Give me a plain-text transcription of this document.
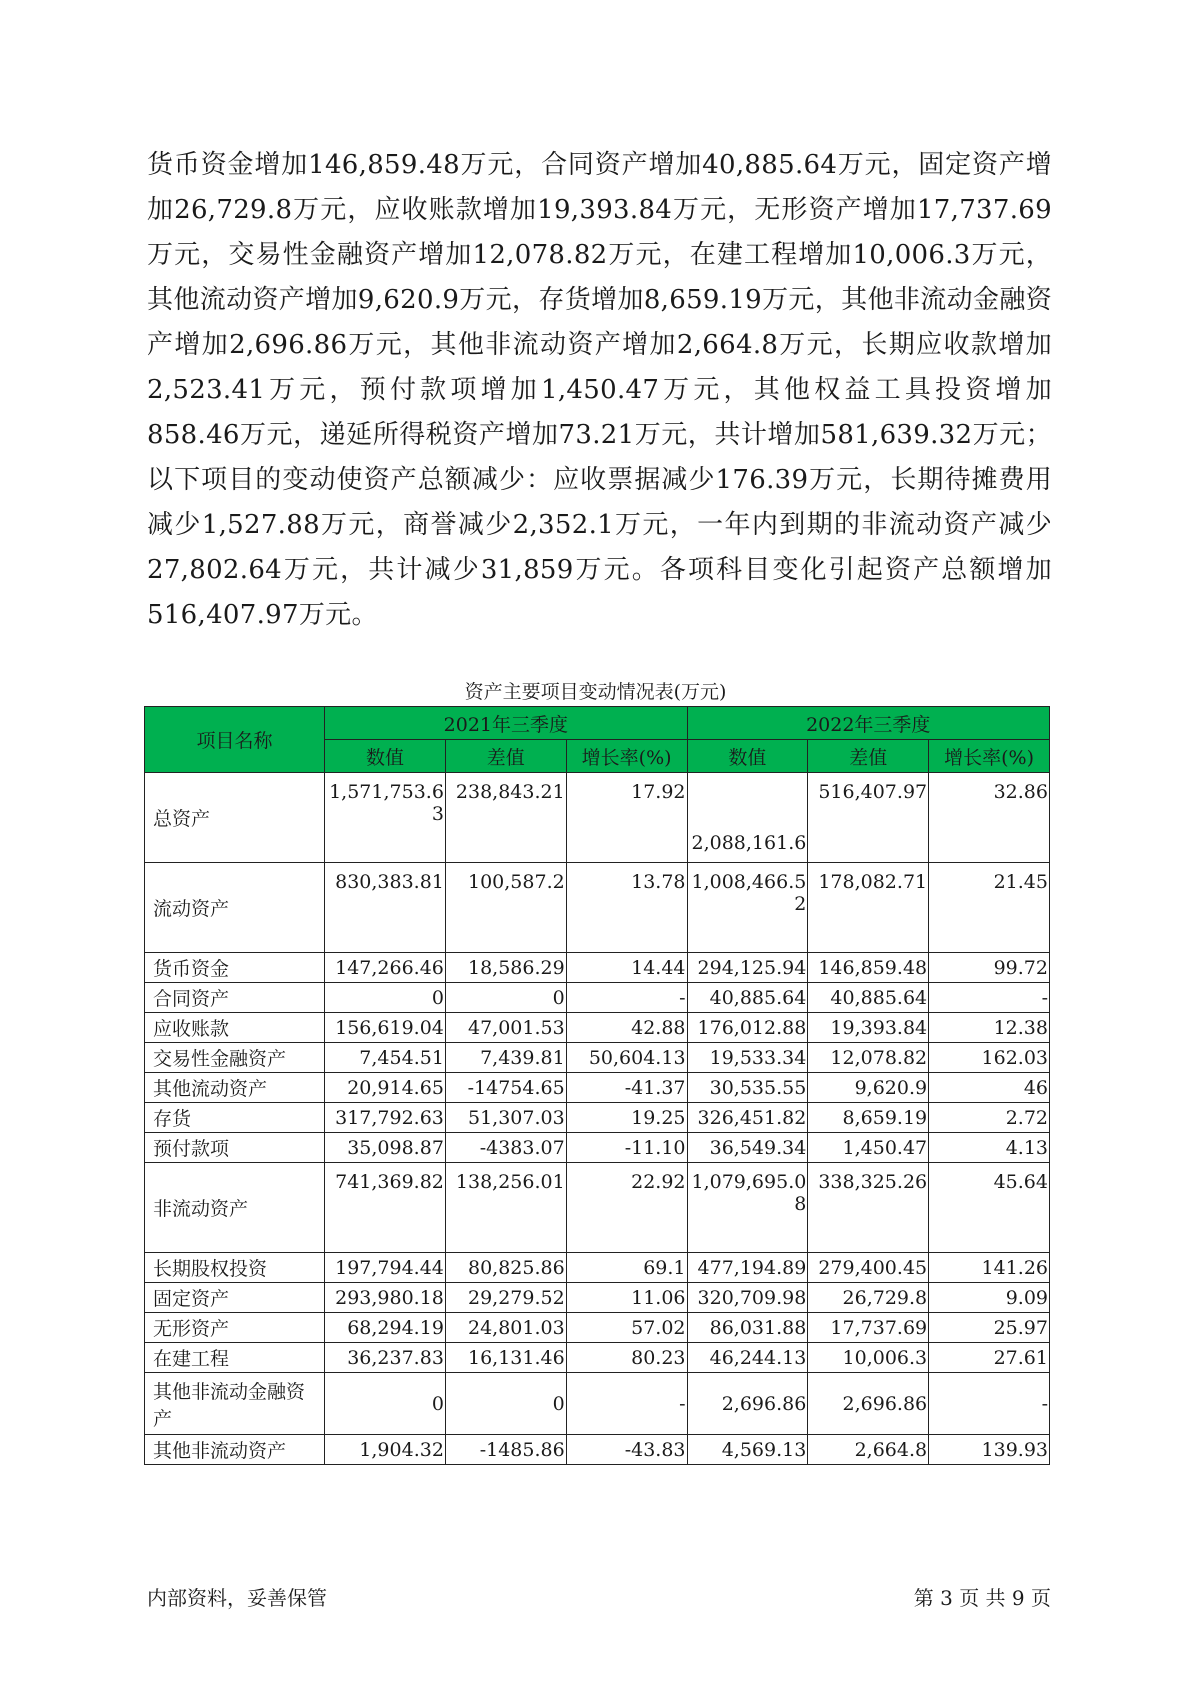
货币资金增加146,859.48万元，合同资产增加40,885.64万元，固定资产增加26,729.8万元，应收账款增加19,393.84万元，无形资产增加17,737.69万元，交易性金融资产增加12,078.82万元，在建工程增加10,006.3万元，其他流动资产增加9,620.9万元，存货增加8,659.19万元，其他非流动金融资产增加2,696.86万元，其他非流动资产增加2,664.8万元，长期应收款增加2,523.41万元，预付款项增加1,450.47万元，其他权益工具投资增加858.46万元，递延所得税资产增加73.21万元，共计增加581,639.32万元；以下项目的变动使资产总额减少：应收票据减少176.39万元，长期待摊费用减少1,527.88万元，商誉减少2,352.1万元，一年内到期的非流动资产减少27,802.64万元，共计减少31,859万元。各项科目变化引起资产总额增加516,407.97万元。
资产主要项目变动情况表(万元)
项目名称	2021年三季度			2022年三季度		
	数值	差值	增长率(%)	数值	差值	增长率(%)
总资产	1,571,753.63	238,843.21	17.92	2,088,161.6	516,407.97	32.86
流动资产	830,383.81	100,587.2	13.78	1,008,466.52	178,082.71	21.45
货币资金	147,266.46	18,586.29	14.44	294,125.94	146,859.48	99.72
合同资产	0	0	-	40,885.64	40,885.64	-
应收账款	156,619.04	47,001.53	42.88	176,012.88	19,393.84	12.38
交易性金融资产	7,454.51	7,439.81	50,604.13	19,533.34	12,078.82	162.03
其他流动资产	20,914.65	-14754.65	-41.37	30,535.55	9,620.9	46
存货	317,792.63	51,307.03	19.25	326,451.82	8,659.19	2.72
预付款项	35,098.87	-4383.07	-11.10	36,549.34	1,450.47	4.13
非流动资产	741,369.82	138,256.01	22.92	1,079,695.08	338,325.26	45.64
长期股权投资	197,794.44	80,825.86	69.1	477,194.89	279,400.45	141.26
固定资产	293,980.18	29,279.52	11.06	320,709.98	26,729.8	9.09
无形资产	68,294.19	24,801.03	57.02	86,031.88	17,737.69	25.97
在建工程	36,237.83	16,131.46	80.23	46,244.13	10,006.3	27.61
其他非流动金融资产	0	0	-	2,696.86	2,696.86	-
其他非流动资产	1,904.32	-1485.86	-43.83	4,569.13	2,664.8	139.93
内部资料，妥善保管	第 3 页 共 9 页
